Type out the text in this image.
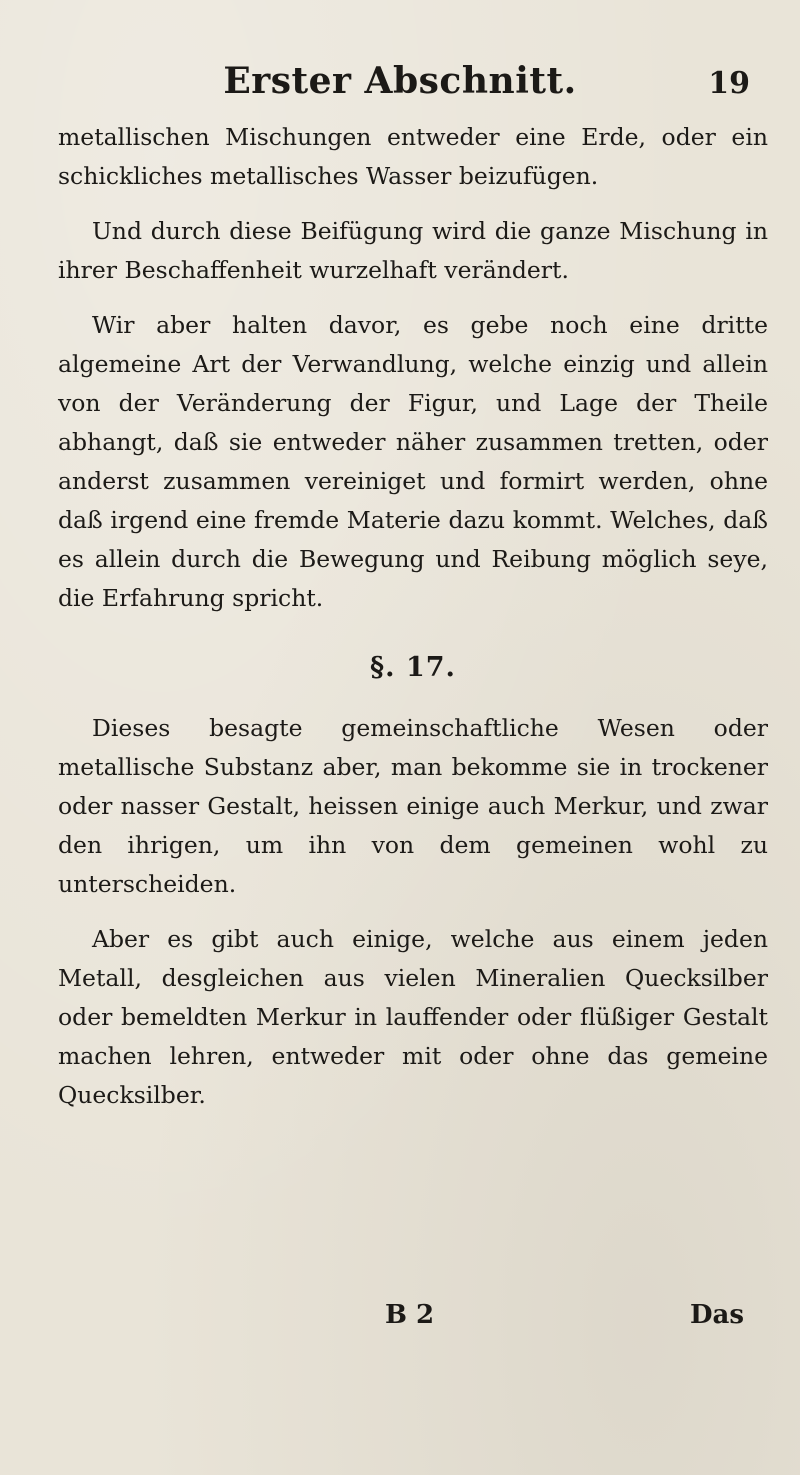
Erster Abschnitt.	19

metallischen Mischungen entweder eine Erde, oder ein schickliches metallisches Wasser beizufügen.

Und durch diese Beifügung wird die ganze Mischung in ihrer Beschaffenheit wurzelhaft verändert.

Wir aber halten davor, es gebe noch eine dritte algemeine Art der Verwandlung, welche einzig und allein von der Veränderung der Figur, und Lage der Theile abhangt, daß sie entweder näher zusammen tretten, oder anderst zusammen vereiniget und formirt werden, ohne daß irgend eine fremde Materie dazu kommt. Welches, daß es allein durch die Bewegung und Reibung möglich seye, die Erfahrung spricht.

§. 17.

Dieses besagte gemeinschaftliche Wesen oder metallische Substanz aber, man bekomme sie in trockener oder nasser Gestalt, heissen einige auch Merkur, und zwar den ihrigen, um ihn von dem gemeinen wohl zu unterscheiden.

Aber es gibt auch einige, welche aus einem jeden Metall, desgleichen aus vielen Mineralien Quecksilber oder bemeldten Merkur in lauffender oder flüßiger Gestalt machen lehren, entweder mit oder ohne das gemeine Quecksilber.

B 2	Das
